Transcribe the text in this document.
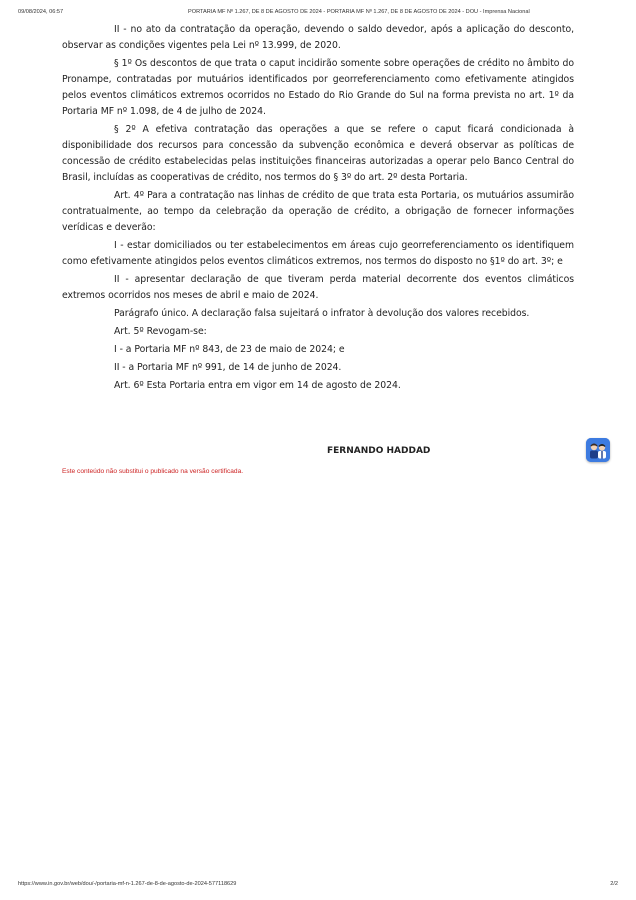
09/08/2024, 06:57	PORTARIA MF Nº 1.267, DE 8 DE AGOSTO DE 2024 - PORTARIA MF Nº 1.267, DE 8 DE AGOSTO DE 2024 - DOU - Imprensa Nacional

II - no ato da contratação da operação, devendo o saldo devedor, após a aplicação do desconto, observar as condições vigentes pela Lei nº 13.999, de 2020.

§ 1º Os descontos de que trata o caput incidirão somente sobre operações de crédito no âmbito do Pronampe, contratadas por mutuários identificados por georreferenciamento como efetivamente atingidos pelos eventos climáticos extremos ocorridos no Estado do Rio Grande do Sul na forma prevista no art. 1º da Portaria MF nº 1.098, de 4 de julho de 2024.

§ 2º A efetiva contratação das operações a que se refere o caput ficará condicionada à disponibilidade dos recursos para concessão da subvenção econômica e deverá observar as políticas de concessão de crédito estabelecidas pelas instituições financeiras autorizadas a operar pelo Banco Central do Brasil, incluídas as cooperativas de crédito, nos termos do § 3º do art. 2º desta Portaria.

Art. 4º Para a contratação nas linhas de crédito de que trata esta Portaria, os mutuários assumirão contratualmente, ao tempo da celebração da operação de crédito, a obrigação de fornecer informações verídicas e deverão:

I - estar domiciliados ou ter estabelecimentos em áreas cujo georreferenciamento os identifiquem como efetivamente atingidos pelos eventos climáticos extremos, nos termos do disposto no §1º do art. 3º; e

II - apresentar declaração de que tiveram perda material decorrente dos eventos climáticos extremos ocorridos nos meses de abril e maio de 2024.

Parágrafo único. A declaração falsa sujeitará o infrator à devolução dos valores recebidos.

Art. 5º Revogam-se:

I - a Portaria MF nº 843, de 23 de maio de 2024; e

II - a Portaria MF nº 991, de 14 de junho de 2024.

Art. 6º Esta Portaria entra em vigor em 14 de agosto de 2024.

FERNANDO HADDAD
Este conteúdo não substitui o publicado na versão certificada.
https://www.in.gov.br/web/dou/-/portaria-mf-n-1.267-de-8-de-agosto-de-2024-577118629	2/2
